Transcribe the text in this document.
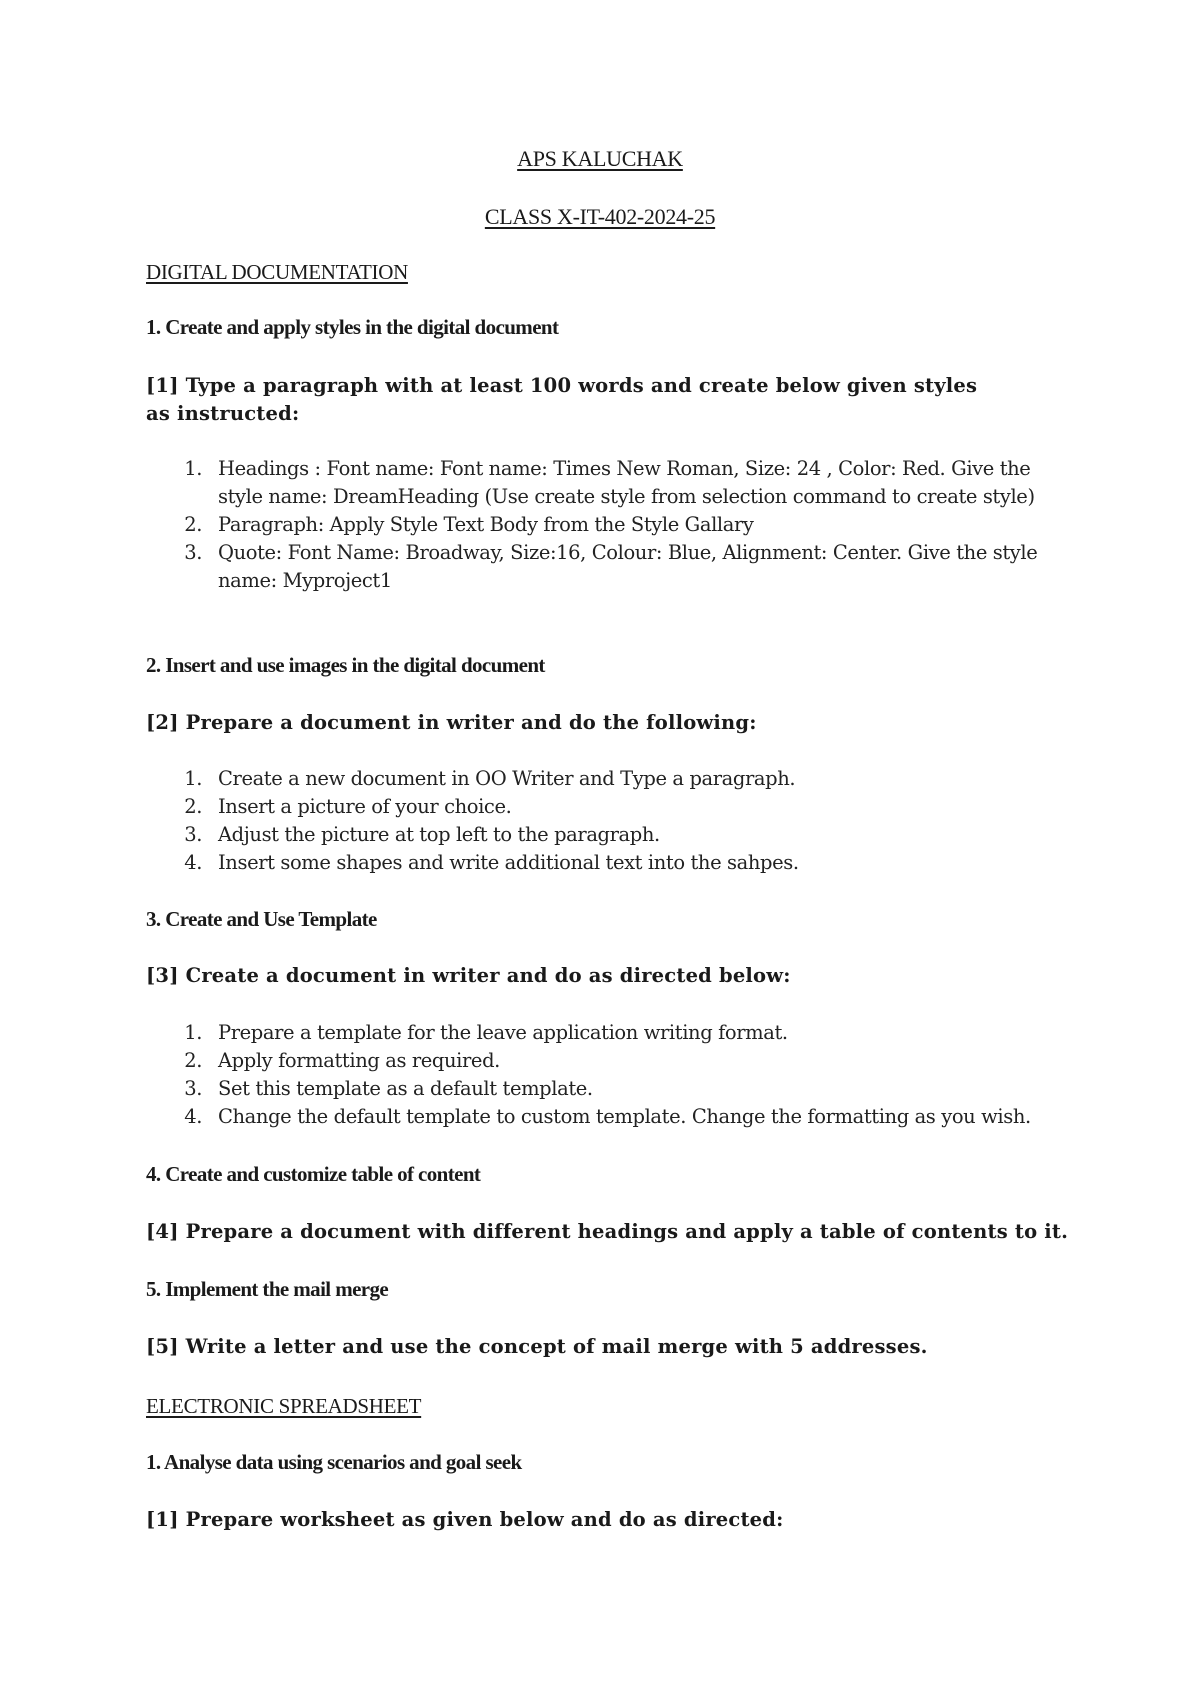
APS KALUCHAK
CLASS X-IT-402-2024-25
DIGITAL DOCUMENTATION
1. Create and apply styles in the digital document
[1] Type a paragraph with at least 100 words and create below given styles as instructed:
1. Headings : Font name: Font name: Times New Roman, Size: 24 , Color: Red. Give the style name: DreamHeading (Use create style from selection command to create style)
2. Paragraph: Apply Style Text Body from the Style Gallary
3. Quote: Font Name: Broadway, Size:16, Colour: Blue, Alignment: Center. Give the style name: Myproject1
2. Insert and use images in the digital document
[2] Prepare a document in writer and do the following:
1. Create a new document in OO Writer and Type a paragraph.
2. Insert a picture of your choice.
3. Adjust the picture at top left to the paragraph.
4. Insert some shapes and write additional text into the sahpes.
3. Create and Use Template
[3] Create a document in writer and do as directed below:
1. Prepare a template for the leave application writing format.
2. Apply formatting as required.
3. Set this template as a default template.
4. Change the default template to custom template. Change the formatting as you wish.
4. Create and customize table of content
[4] Prepare a document with different headings and apply a table of contents to it.
5. Implement the mail merge
[5] Write a letter and use the concept of mail merge with 5 addresses.
ELECTRONIC SPREADSHEET
1. Analyse data using scenarios and goal seek
[1] Prepare worksheet as given below and do as directed:
